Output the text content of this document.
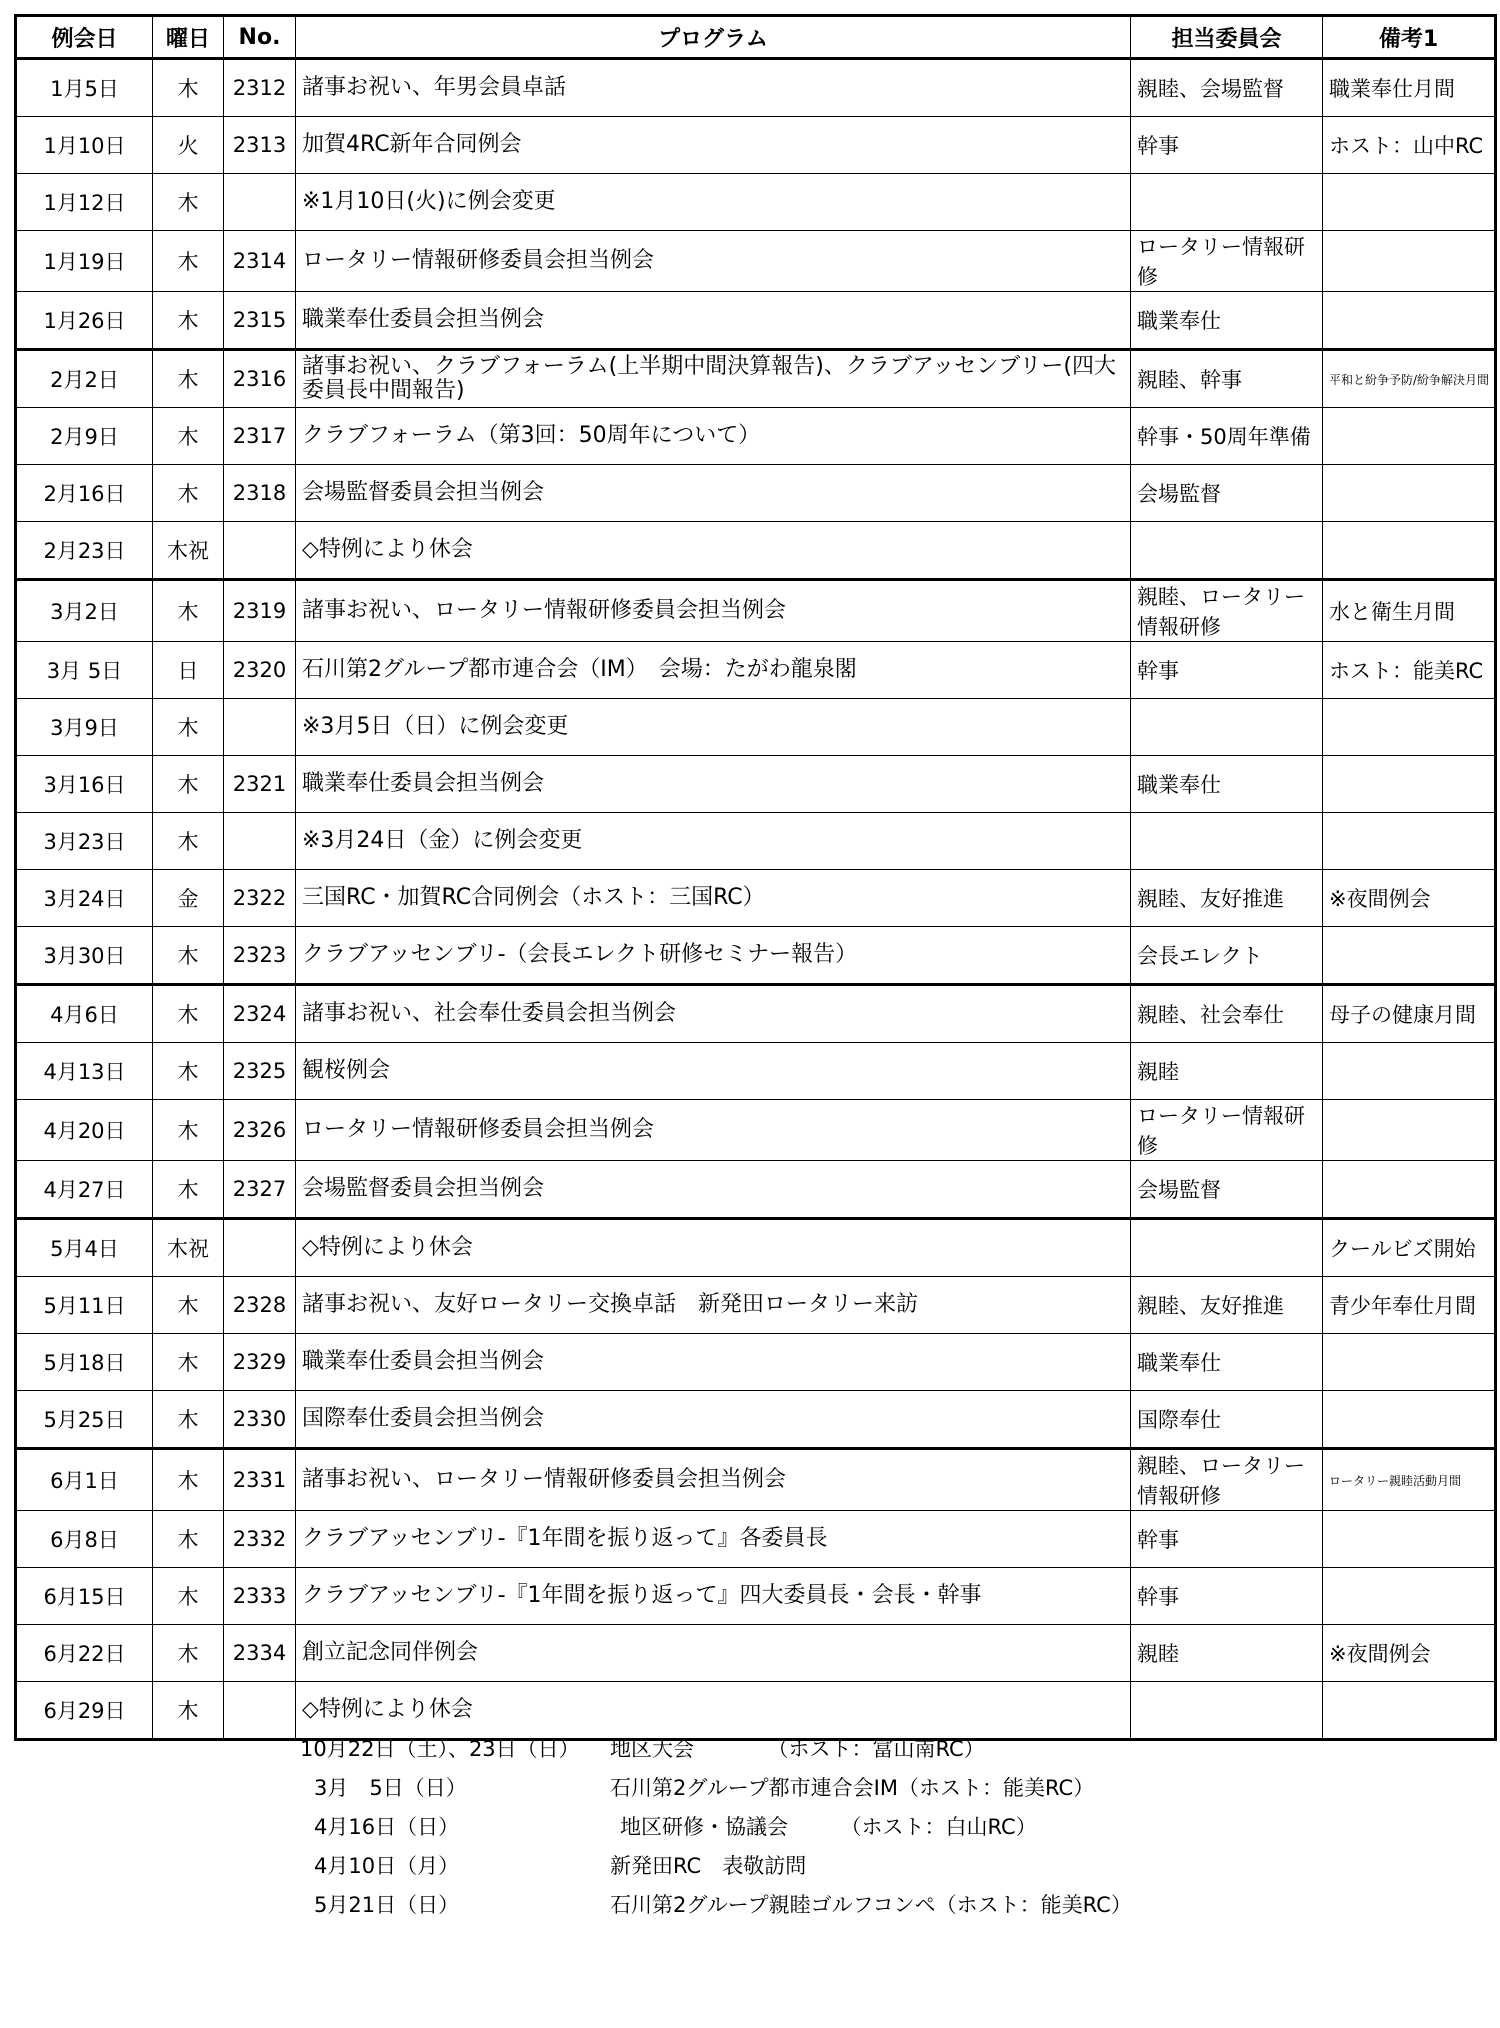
例会日	曜日	No.	プログラム	担当委員会	備考1
1月5日	木	2312	諸事お祝い、年男会員卓話	親睦、会場監督	職業奉仕月間
1月10日	火	2313	加賀4RC新年合同例会	幹事	ホスト：山中RC
1月12日	木		※1月10日(火)に例会変更		
1月19日	木	2314	ロータリー情報研修委員会担当例会	ロータリー情報研修	
1月26日	木	2315	職業奉仕委員会担当例会	職業奉仕	
2月2日	木	2316	諸事お祝い、クラブフォーラム(上半期中間決算報告)、クラブアッセンブリー(四大委員長中間報告)	親睦、幹事	平和と紛争予防/紛争解決月間
2月9日	木	2317	クラブフォーラム（第3回：50周年について）	幹事・50周年準備	
2月16日	木	2318	会場監督委員会担当例会	会場監督	
2月23日	木祝		◇特例により休会		
3月2日	木	2319	諸事お祝い、ロータリー情報研修委員会担当例会	親睦、ロータリー情報研修	水と衛生月間
3月 5日	日	2320	石川第2グループ都市連合会（IM）　会場：たがわ龍泉閣	幹事	ホスト：能美RC
3月9日	木		※3月5日（日）に例会変更		
3月16日	木	2321	職業奉仕委員会担当例会	職業奉仕	
3月23日	木		※3月24日（金）に例会変更		
3月24日	金	2322	三国RC・加賀RC合同例会（ホスト：三国RC）	親睦、友好推進	※夜間例会
3月30日	木	2323	クラブアッセンブリ‐（会長エレクト研修セミナー報告）	会長エレクト	
4月6日	木	2324	諸事お祝い、社会奉仕委員会担当例会	親睦、社会奉仕	母子の健康月間
4月13日	木	2325	観桜例会	親睦	
4月20日	木	2326	ロータリー情報研修委員会担当例会	ロータリー情報研修	
4月27日	木	2327	会場監督委員会担当例会	会場監督	
5月4日	木祝		◇特例により休会		クールビズ開始
5月11日	木	2328	諸事お祝い、友好ロータリー交換卓話　新発田ロータリー来訪	親睦、友好推進	青少年奉仕月間
5月18日	木	2329	職業奉仕委員会担当例会	職業奉仕	
5月25日	木	2330	国際奉仕委員会担当例会	国際奉仕	
6月1日	木	2331	諸事お祝い、ロータリー情報研修委員会担当例会	親睦、ロータリー情報研修	ロータリー親睦活動月間
6月8日	木	2332	クラブアッセンブリ‐『1年間を振り返って』各委員長	幹事	
6月15日	木	2333	クラブアッセンブリ‐『1年間を振り返って』四大委員長・会長・幹事	幹事	
6月22日	木	2334	創立記念同伴例会	親睦	※夜間例会
6月29日	木		◇特例により休会		
10月22日（土）、23日（日） 地区大会　　　　（ホスト：富山南RC）
3月　5日（日）	石川第2グループ都市連合会IM（ホスト：能美RC）
4月16日（日）	地区研修・協議会　　　（ホスト：白山RC）
4月10日（月）	新発田RC　表敬訪問
5月21日（日）	石川第2グループ親睦ゴルフコンペ（ホスト：能美RC）
